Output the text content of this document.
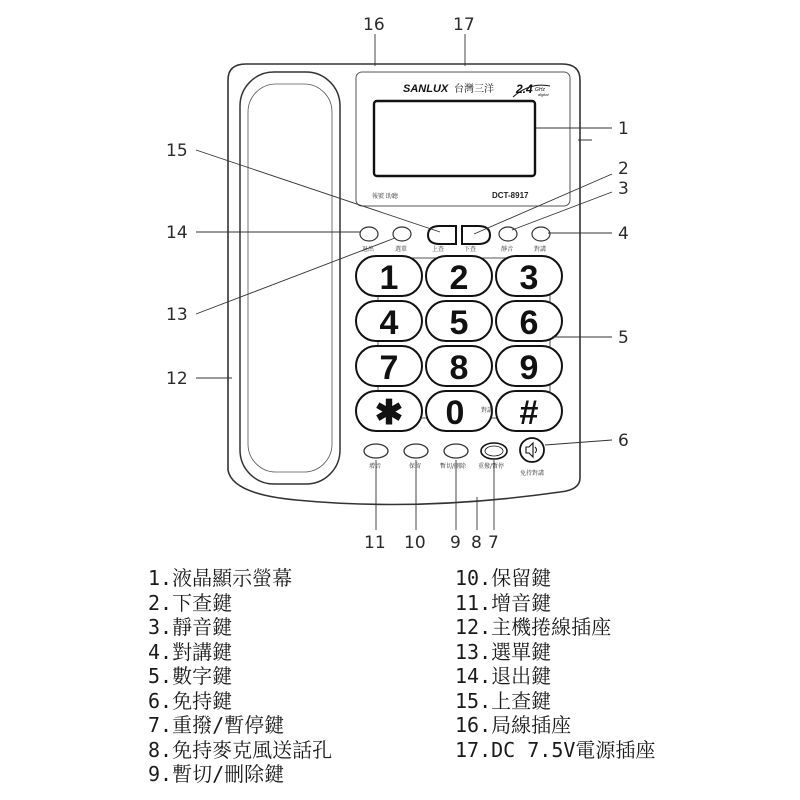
SANLUX 台灣三洋 2.4 GHz
digital
報號 助聽	DCT-8917
退出	選單	上查	下查	靜音	對講
1 2 3
4 5 6
7 8 9
✱ 0	對講 #
增音	保留	暫切/刪除 重撥/暫停
免持對講
16	17
1
2
3
4
5
6
15
14
13
12
11 10 9 8 7
1.液晶顯示螢幕
2.下查鍵
3.靜音鍵
4.對講鍵
5.數字鍵
6.免持鍵
7.重撥/暫停鍵
8.免持麥克風送話孔
9.暫切/刪除鍵
10.保留鍵
11.增音鍵
12.主機捲線插座
13.選單鍵
14.退出鍵
15.上查鍵
16.局線插座
17.DC 7.5V電源插座
